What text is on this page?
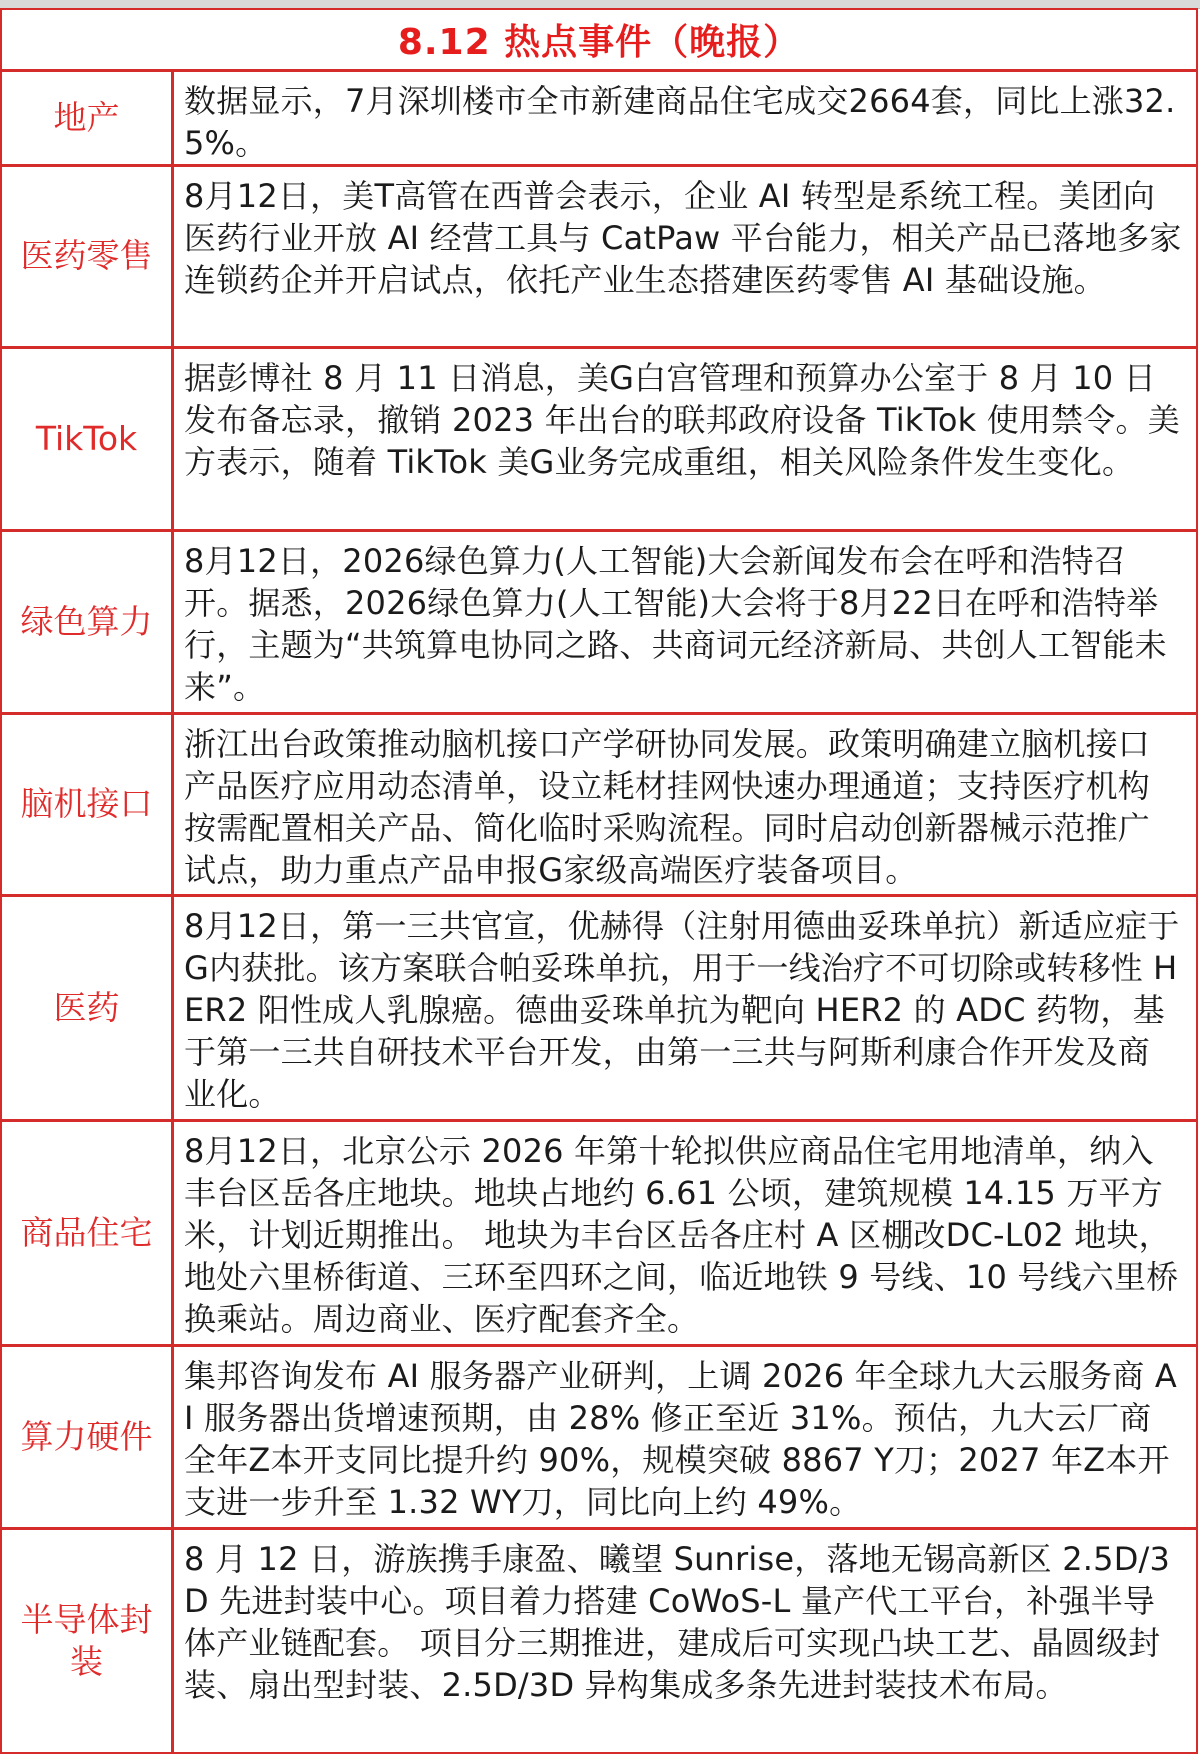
8.12 热点事件（晚报）
地产	数据显示，7月深圳楼市全市新建商品住宅成交2664套，同比上涨32.5%。
医药零售
8月12日，美T高管在西普会表示，企业 AI 转型是系统工程。美团向医药行业开放 AI 经营工具与 CatPaw 平台能力，相关产品已落地多家连锁药企并开启试点，依托产业生态搭建医药零售 AI 基础设施。
TikTok
据彭博社 8 月 11 日消息，美G白宫管理和预算办公室于 8 月 10 日发布备忘录，撤销 2023 年出台的联邦政府设备 TikTok 使用禁令。美方表示，随着 TikTok 美G业务完成重组，相关风险条件发生变化。
绿色算力
8月12日，2026绿色算力(人工智能)大会新闻发布会在呼和浩特召开。据悉，2026绿色算力(人工智能)大会将于8月22日在呼和浩特举行，主题为“共筑算电协同之路、共商词元经济新局、共创人工智能未来”。
脑机接口
浙江出台政策推动脑机接口产学研协同发展。政策明确建立脑机接口产品医疗应用动态清单，设立耗材挂网快速办理通道；支持医疗机构按需配置相关产品、简化临时采购流程。同时启动创新器械示范推广试点，助力重点产品申报G家级高端医疗装备项目。
医药
8月12日，第一三共官宣，优赫得（注射用德曲妥珠单抗）新适应症于G内获批。该方案联合帕妥珠单抗，用于一线治疗不可切除或转移性 HER2 阳性成人乳腺癌。德曲妥珠单抗为靶向 HER2 的 ADC 药物，基于第一三共自研技术平台开发，由第一三共与阿斯利康合作开发及商业化。
商品住宅
8月12日，北京公示 2026 年第十轮拟供应商品住宅用地清单，纳入丰台区岳各庄地块。地块占地约 6.61 公顷，建筑规模 14.15 万平方米，计划近期推出。 地块为丰台区岳各庄村 A 区棚改DC-L02 地块，地处六里桥街道、三环至四环之间，临近地铁 9 号线、10 号线六里桥换乘站。周边商业、医疗配套齐全。
算力硬件
集邦咨询发布 AI 服务器产业研判，上调 2026 年全球九大云服务商 AI 服务器出货增速预期，由 28% 修正至近 31%。预估，九大云厂商全年Z本开支同比提升约 90%，规模突破 8867 Y刀；2027 年Z本开支进一步升至 1.32 WY刀，同比向上约 49%。
半导体封装
8 月 12 日，游族携手康盈、曦望 Sunrise，落地无锡高新区 2.5D/3D 先进封装中心。项目着力搭建 CoWoS-L 量产代工平台，补强半导体产业链配套。 项目分三期推进，建成后可实现凸块工艺、晶圆级封装、扇出型封装、2.5D/3D 异构集成多条先进封装技术布局。
